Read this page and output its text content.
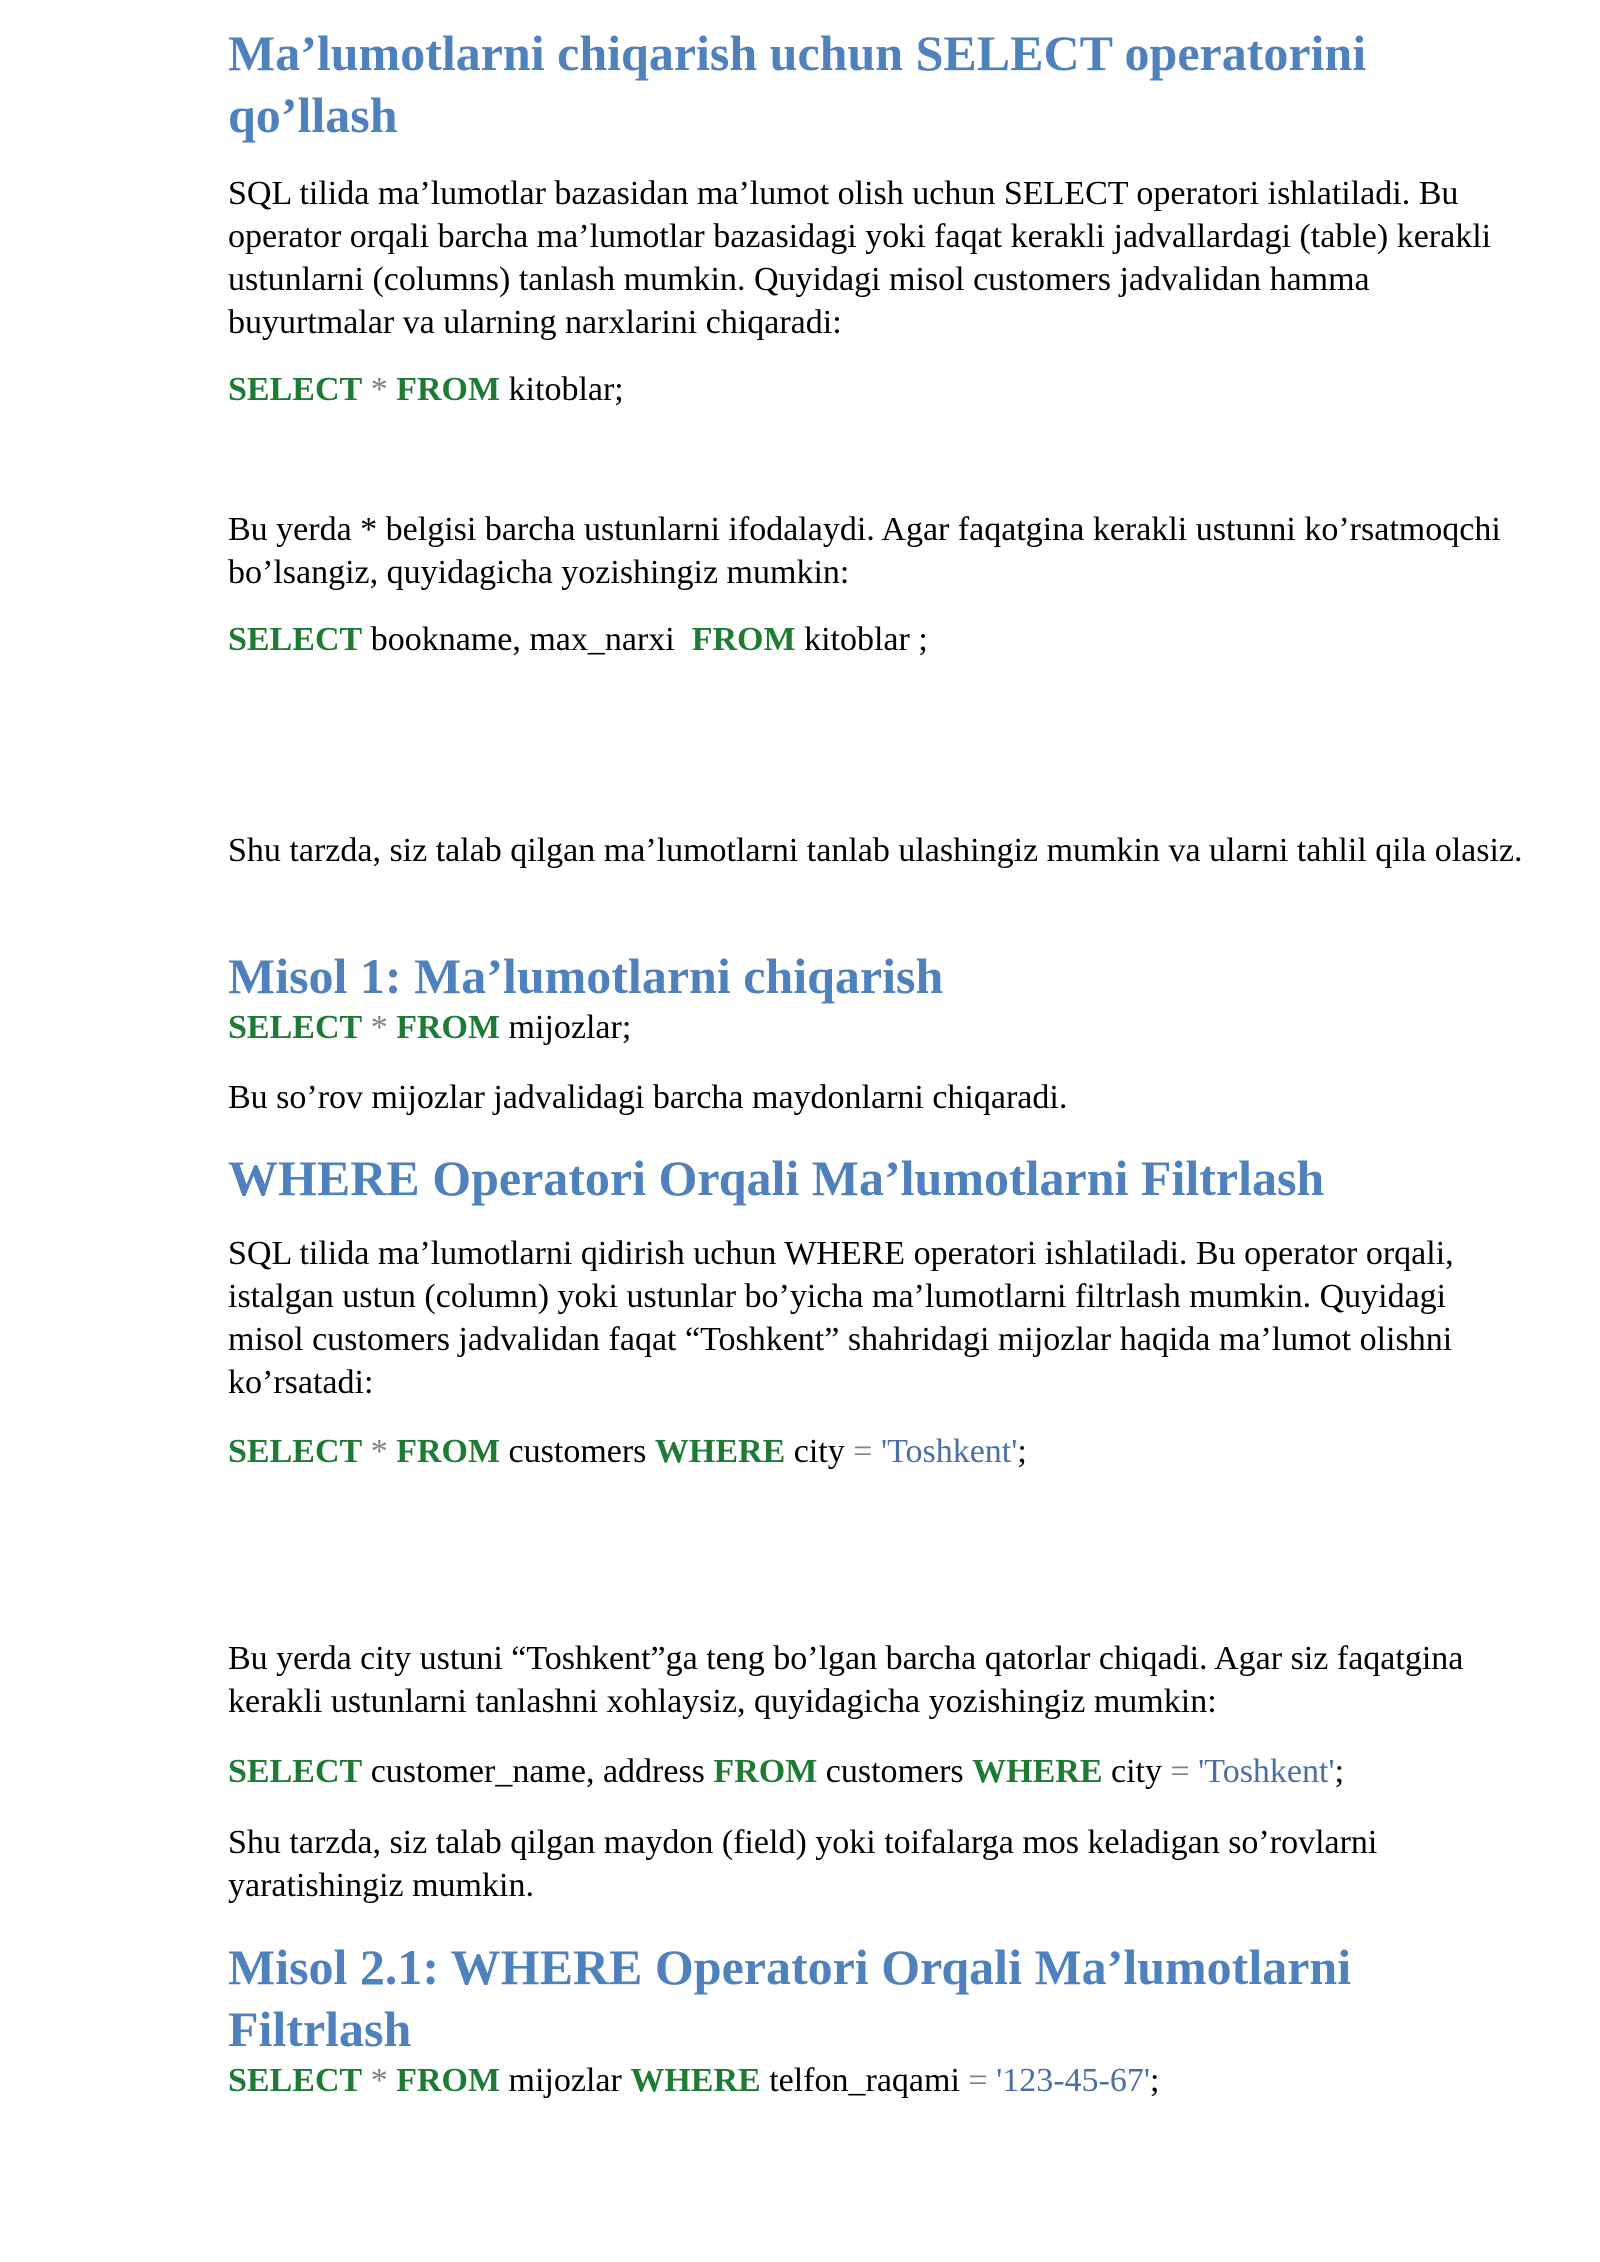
Ma’lumotlarni chiqarish uchun SELECT operatorini qo’llash

SQL tilida ma’lumotlar bazasidan ma’lumot olish uchun SELECT operatori ishlatiladi. Bu operator orqali barcha ma’lumotlar bazasidagi yoki faqat kerakli jadvallardagi (table) kerakli ustunlarni (columns) tanlash mumkin. Quyidagi misol customers jadvalidan hamma buyurtmalar va ularning narxlarini chiqaradi:

SELECT * FROM kitoblar;

Bu yerda * belgisi barcha ustunlarni ifodalaydi. Agar faqatgina kerakli ustunni ko’rsatmoqchi bo’lsangiz, quyidagicha yozishingiz mumkin:

SELECT bookname, max_narxi  FROM kitoblar ;

Shu tarzda, siz talab qilgan ma’lumotlarni tanlab ulashingiz mumkin va ularni tahlil qila olasiz.

Misol 1: Ma’lumotlarni chiqarish

SELECT * FROM mijozlar;

Bu so’rov mijozlar jadvalidagi barcha maydonlarni chiqaradi.

WHERE Operatori Orqali Ma’lumotlarni Filtrlash

SQL tilida ma’lumotlarni qidirish uchun WHERE operatori ishlatiladi. Bu operator orqali, istalgan ustun (column) yoki ustunlar bo’yicha ma’lumotlarni filtrlash mumkin. Quyidagi misol customers jadvalidan faqat “Toshkent” shahridagi mijozlar haqida ma’lumot olishni ko’rsatadi:

SELECT * FROM customers WHERE city = 'Toshkent';

Bu yerda city ustuni “Toshkent”ga teng bo’lgan barcha qatorlar chiqadi. Agar siz faqatgina kerakli ustunlarni tanlashni xohlaysiz, quyidagicha yozishingiz mumkin:

SELECT customer_name, address FROM customers WHERE city = 'Toshkent';

Shu tarzda, siz talab qilgan maydon (field) yoki toifalarga mos keladigan so’rovlarni yaratishingiz mumkin.

Misol 2.1: WHERE Operatori Orqali Ma’lumotlarni Filtrlash

SELECT * FROM mijozlar WHERE telfon_raqami = '123-45-67';
